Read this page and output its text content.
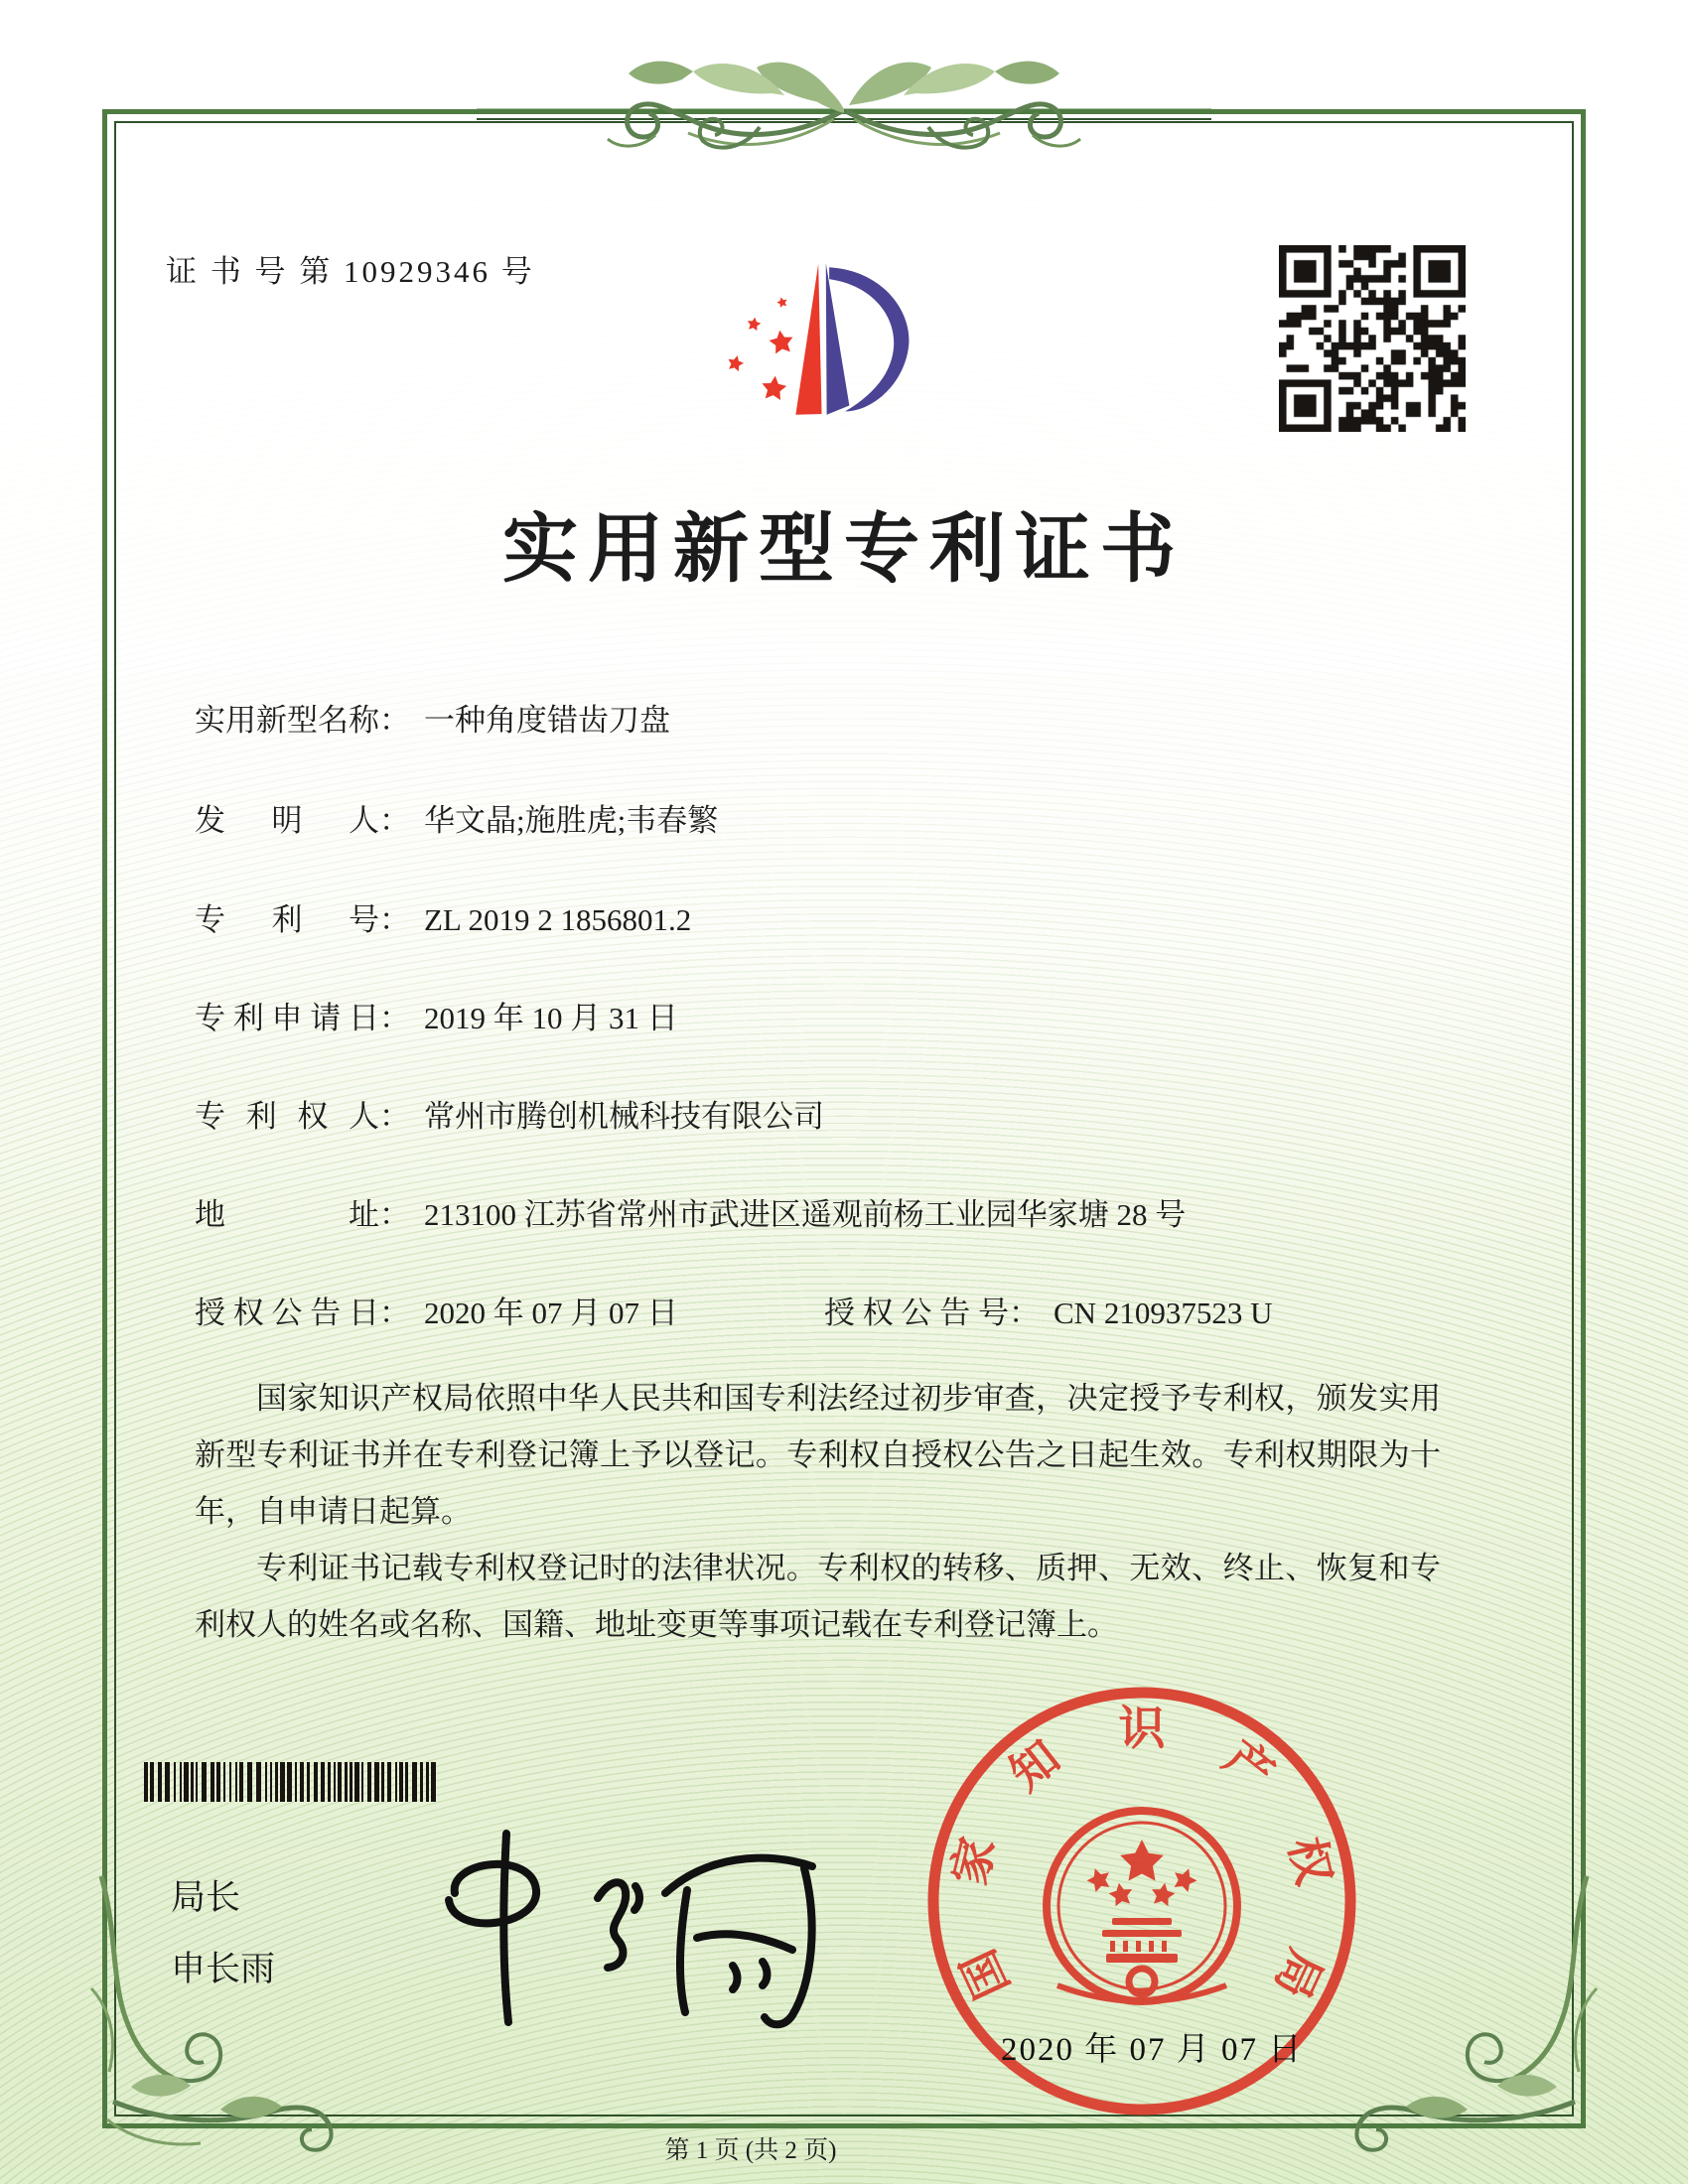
证 书 号 第 10929346 号
实用新型专利证书
实用新型名称： 一种角度错齿刀盘
发明人： 华文晶;施胜虎;韦春繁
专利号： ZL 2019 2 1856801.2
专利申请日： 2019 年 10 月 31 日
专利权人： 常州市腾创机械科技有限公司
地址： 213100 江苏省常州市武进区遥观前杨工业园华家塘 28 号
授权公告日： 2020 年 07 月 07 日	授权公告号： CN 210937523 U

国家知识产权局依照中华人民共和国专利法经过初步审查，决定授予专利权，颁发实用新型专利证书并在专利登记簿上予以登记。专利权自授权公告之日起生效。专利权期限为十年，自申请日起算。

专利证书记载专利权登记时的法律状况。专利权的转移、质押、无效、终止、恢复和专利权人的姓名或名称、国籍、地址变更等事项记载在专利登记簿上。

局长
申长雨	国
家
知
识
产
权
局
2020 年 07 月 07 日
第 1 页 (共 2 页)
